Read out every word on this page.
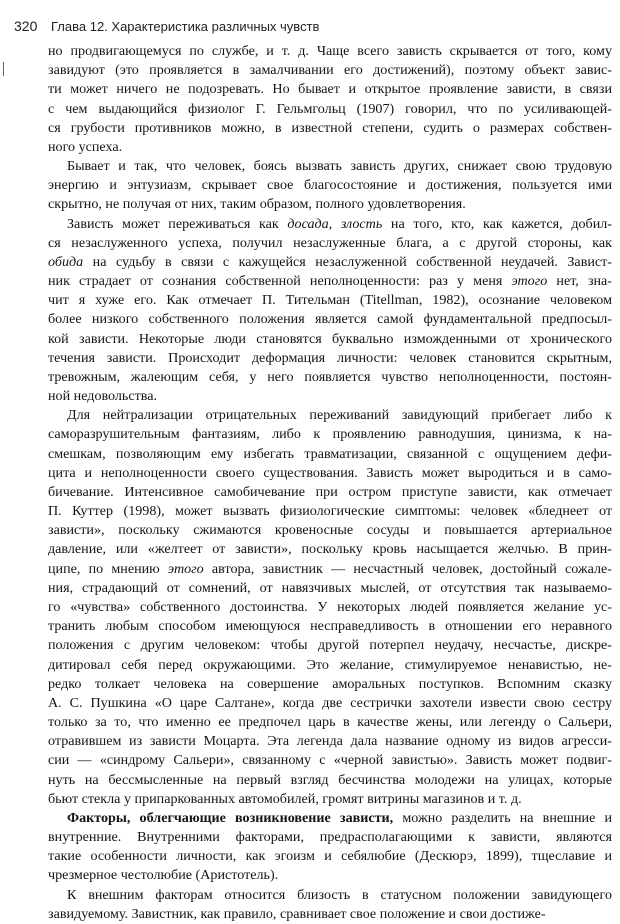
320 Глава 12. Характеристика различных чувств
но продвигающемуся по службе, и т. д. Чаще всего зависть скрывается от того, кому
завидуют (это проявляется в замалчивании его достижений), поэтому объект завис-
ти может ничего не подозревать. Но бывает и открытое проявление зависти, в связи
с чем выдающийся физиолог Г. Гельмгольц (1907) говорил, что по усиливающей-
ся грубости противников можно, в известной степени, судить о размерах собствен-
ного успеха.
Бывает и так, что человек, боясь вызвать зависть других, снижает свою трудовую
энергию и энтузиазм, скрывает свое благосостояние и достижения, пользуется ими
скрытно, не получая от них, таким образом, полного удовлетворения.
Зависть может переживаться как досада, злость на того, кто, как кажется, добил-
ся незаслуженного успеха, получил незаслуженные блага, а с другой стороны, как
обида на судьбу в связи с кажущейся незаслуженной собственной неудачей. Завист-
ник страдает от сознания собственной неполноценности: раз у меня этого нет, зна-
чит я хуже его. Как отмечает П. Тительман (Titellman, 1982), осознание человеком
более низкого собственного положения является самой фундаментальной предпосыл-
кой зависти. Некоторые люди становятся буквально изможденными от хронического
течения зависти. Происходит деформация личности: человек становится скрытным,
тревожным, жалеющим себя, у него появляется чувство неполноценности, постоян-
ной недовольства.
Для нейтрализации отрицательных переживаний завидующий прибегает либо к
саморазрушительным фантазиям, либо к проявлению равнодушия, цинизма, к на-
смешкам, позволяющим ему избегать травматизации, связанной с ощущением дефи-
цита и неполноценности своего существования. Зависть может выродиться и в само-
бичевание. Интенсивное самобичевание при остром приступе зависти, как отмечает
П. Куттер (1998), может вызвать физиологические симптомы: человек «бледнеет от
зависти», поскольку сжимаются кровеносные сосуды и повышается артериальное
давление, или «желтеет от зависти», поскольку кровь насыщается желчью. В прин-
ципе, по мнению этого автора, завистник — несчастный человек, достойный сожале-
ния, страдающий от сомнений, от навязчивых мыслей, от отсутствия так называемо-
го «чувства» собственного достоинства. У некоторых людей появляется желание ус-
транить любым способом имеющуюся несправедливость в отношении его неравного
положения с другим человеком: чтобы другой потерпел неудачу, несчастье, дискре-
дитировал себя перед окружающими. Это желание, стимулируемое ненавистью, не-
редко толкает человека на совершение аморальных поступков. Вспомним сказку
А. С. Пушкина «О царе Салтане», когда две сестрички захотели извести свою сестру
только за то, что именно ее предпочел царь в качестве жены, или легенду о Сальери,
отравившем из зависти Моцарта. Эта легенда дала название одному из видов агресси-
сии — «синдрому Сальери», связанному с «черной завистью». Зависть может подвиг-
нуть на бессмысленные на первый взгляд бесчинства молодежи на улицах, которые
бьют стекла у припаркованных автомобилей, громят витрины магазинов и т. д.
Факторы, облегчающие возникновение зависти, можно разделить на внешние и
внутренние. Внутренними факторами, предрасполагающими к зависти, являются
такие особенности личности, как эгоизм и себялюбие (Дескюрэ, 1899), тщеславие и
чрезмерное честолюбие (Аристотель).
К внешним факторам относится близость в статусном положении завидующего
завидуемому. Завистник, как правило, сравнивает свое положение и свои достиже-
